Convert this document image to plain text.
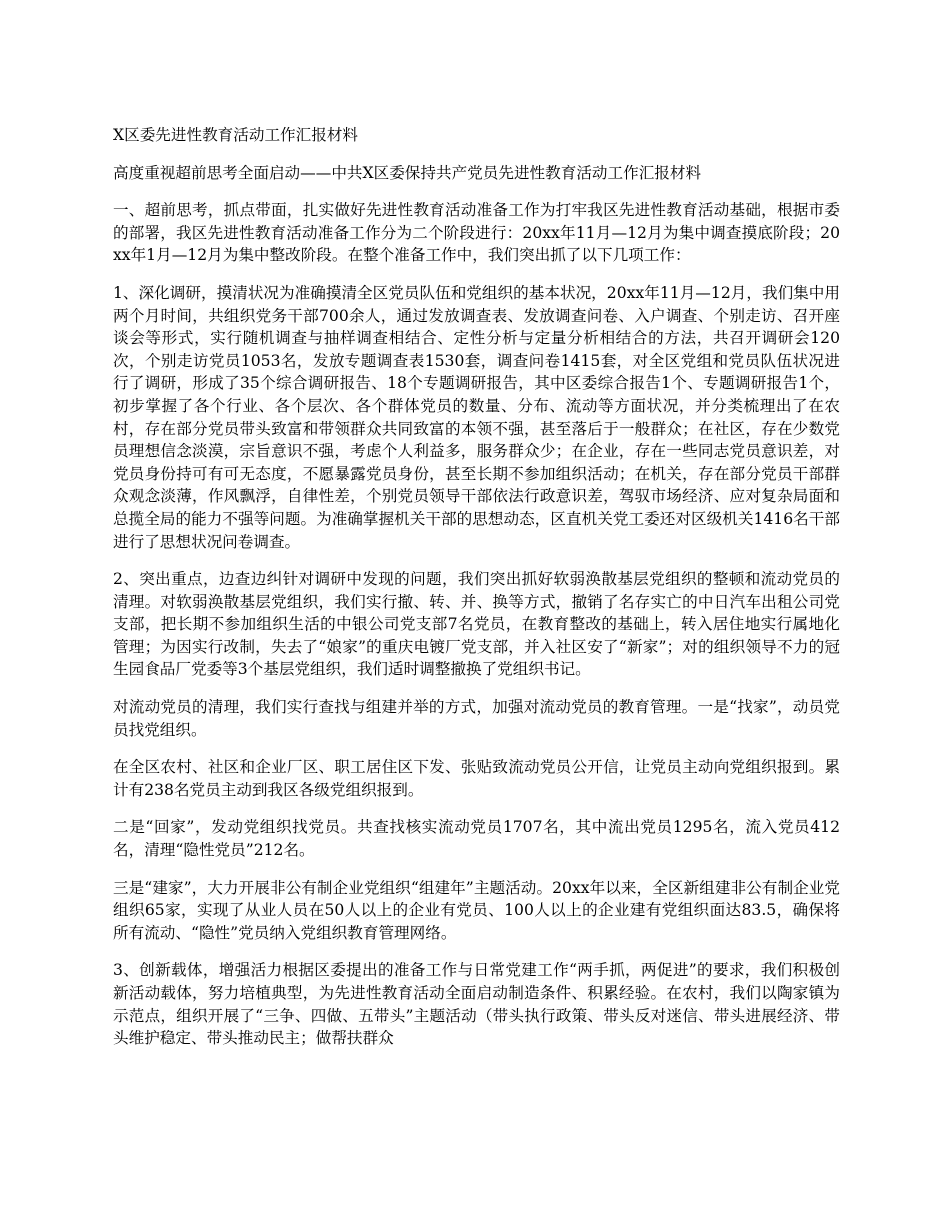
X区委先进性教育活动工作汇报材料

高度重视超前思考全面启动——中共X区委保持共产党员先进性教育活动工作汇报材料

一、超前思考，抓点带面，扎实做好先进性教育活动准备工作为打牢我区先进性教育活动基础，根据市委的部署，我区先进性教育活动准备工作分为二个阶段进行：20xx年11月—12月为集中调查摸底阶段；20xx年1月—12月为集中整改阶段。在整个准备工作中，我们突出抓了以下几项工作：

1、深化调研，摸清状况为准确摸清全区党员队伍和党组织的基本状况，20xx年11月—12月，我们集中用两个月时间，共组织党务干部700余人，通过发放调查表、发放调查问卷、入户调查、个别走访、召开座谈会等形式，实行随机调查与抽样调查相结合、定性分析与定量分析相结合的方法，共召开调研会120次，个别走访党员1053名，发放专题调查表1530套，调查问卷1415套，对全区党组和党员队伍状况进行了调研，形成了35个综合调研报告、18个专题调研报告，其中区委综合报告1个、专题调研报告1个，初步掌握了各个行业、各个层次、各个群体党员的数量、分布、流动等方面状况，并分类梳理出了在农村，存在部分党员带头致富和带领群众共同致富的本领不强，甚至落后于一般群众；在社区，存在少数党员理想信念淡漠，宗旨意识不强，考虑个人利益多，服务群众少；在企业，存在一些同志党员意识差，对党员身份持可有可无态度，不愿暴露党员身份，甚至长期不参加组织活动；在机关，存在部分党员干部群众观念淡薄，作风飘浮，自律性差，个别党员领导干部依法行政意识差，驾驭市场经济、应对复杂局面和总揽全局的能力不强等问题。为准确掌握机关干部的思想动态，区直机关党工委还对区级机关1416名干部进行了思想状况问卷调查。

2、突出重点，边查边纠针对调研中发现的问题，我们突出抓好软弱涣散基层党组织的整顿和流动党员的清理。对软弱涣散基层党组织，我们实行撤、转、并、换等方式，撤销了名存实亡的中日汽车出租公司党支部，把长期不参加组织生活的中银公司党支部7名党员，在教育整改的基础上，转入居住地实行属地化管理；为因实行改制，失去了“娘家”的重庆电镀厂党支部，并入社区安了“新家”；对的组织领导不力的冠生园食品厂党委等3个基层党组织，我们适时调整撤换了党组织书记。

对流动党员的清理，我们实行查找与组建并举的方式，加强对流动党员的教育管理。一是“找家”，动员党员找党组织。

在全区农村、社区和企业厂区、职工居住区下发、张贴致流动党员公开信，让党员主动向党组织报到。累计有238名党员主动到我区各级党组织报到。

二是“回家”，发动党组织找党员。共查找核实流动党员1707名，其中流出党员1295名，流入党员412名，清理“隐性党员”212名。

三是“建家”，大力开展非公有制企业党组织“组建年”主题活动。20xx年以来，全区新组建非公有制企业党组织65家，实现了从业人员在50人以上的企业有党员、100人以上的企业建有党组织面达83.5，确保将所有流动、“隐性”党员纳入党组织教育管理网络。

3、创新载体，增强活力根据区委提出的准备工作与日常党建工作“两手抓，两促进”的要求，我们积极创新活动载体，努力培植典型，为先进性教育活动全面启动制造条件、积累经验。在农村，我们以陶家镇为示范点，组织开展了“三争、四做、五带头”主题活动（带头执行政策、带头反对迷信、带头进展经济、带头维护稳定、带头推动民主；做帮扶群众
